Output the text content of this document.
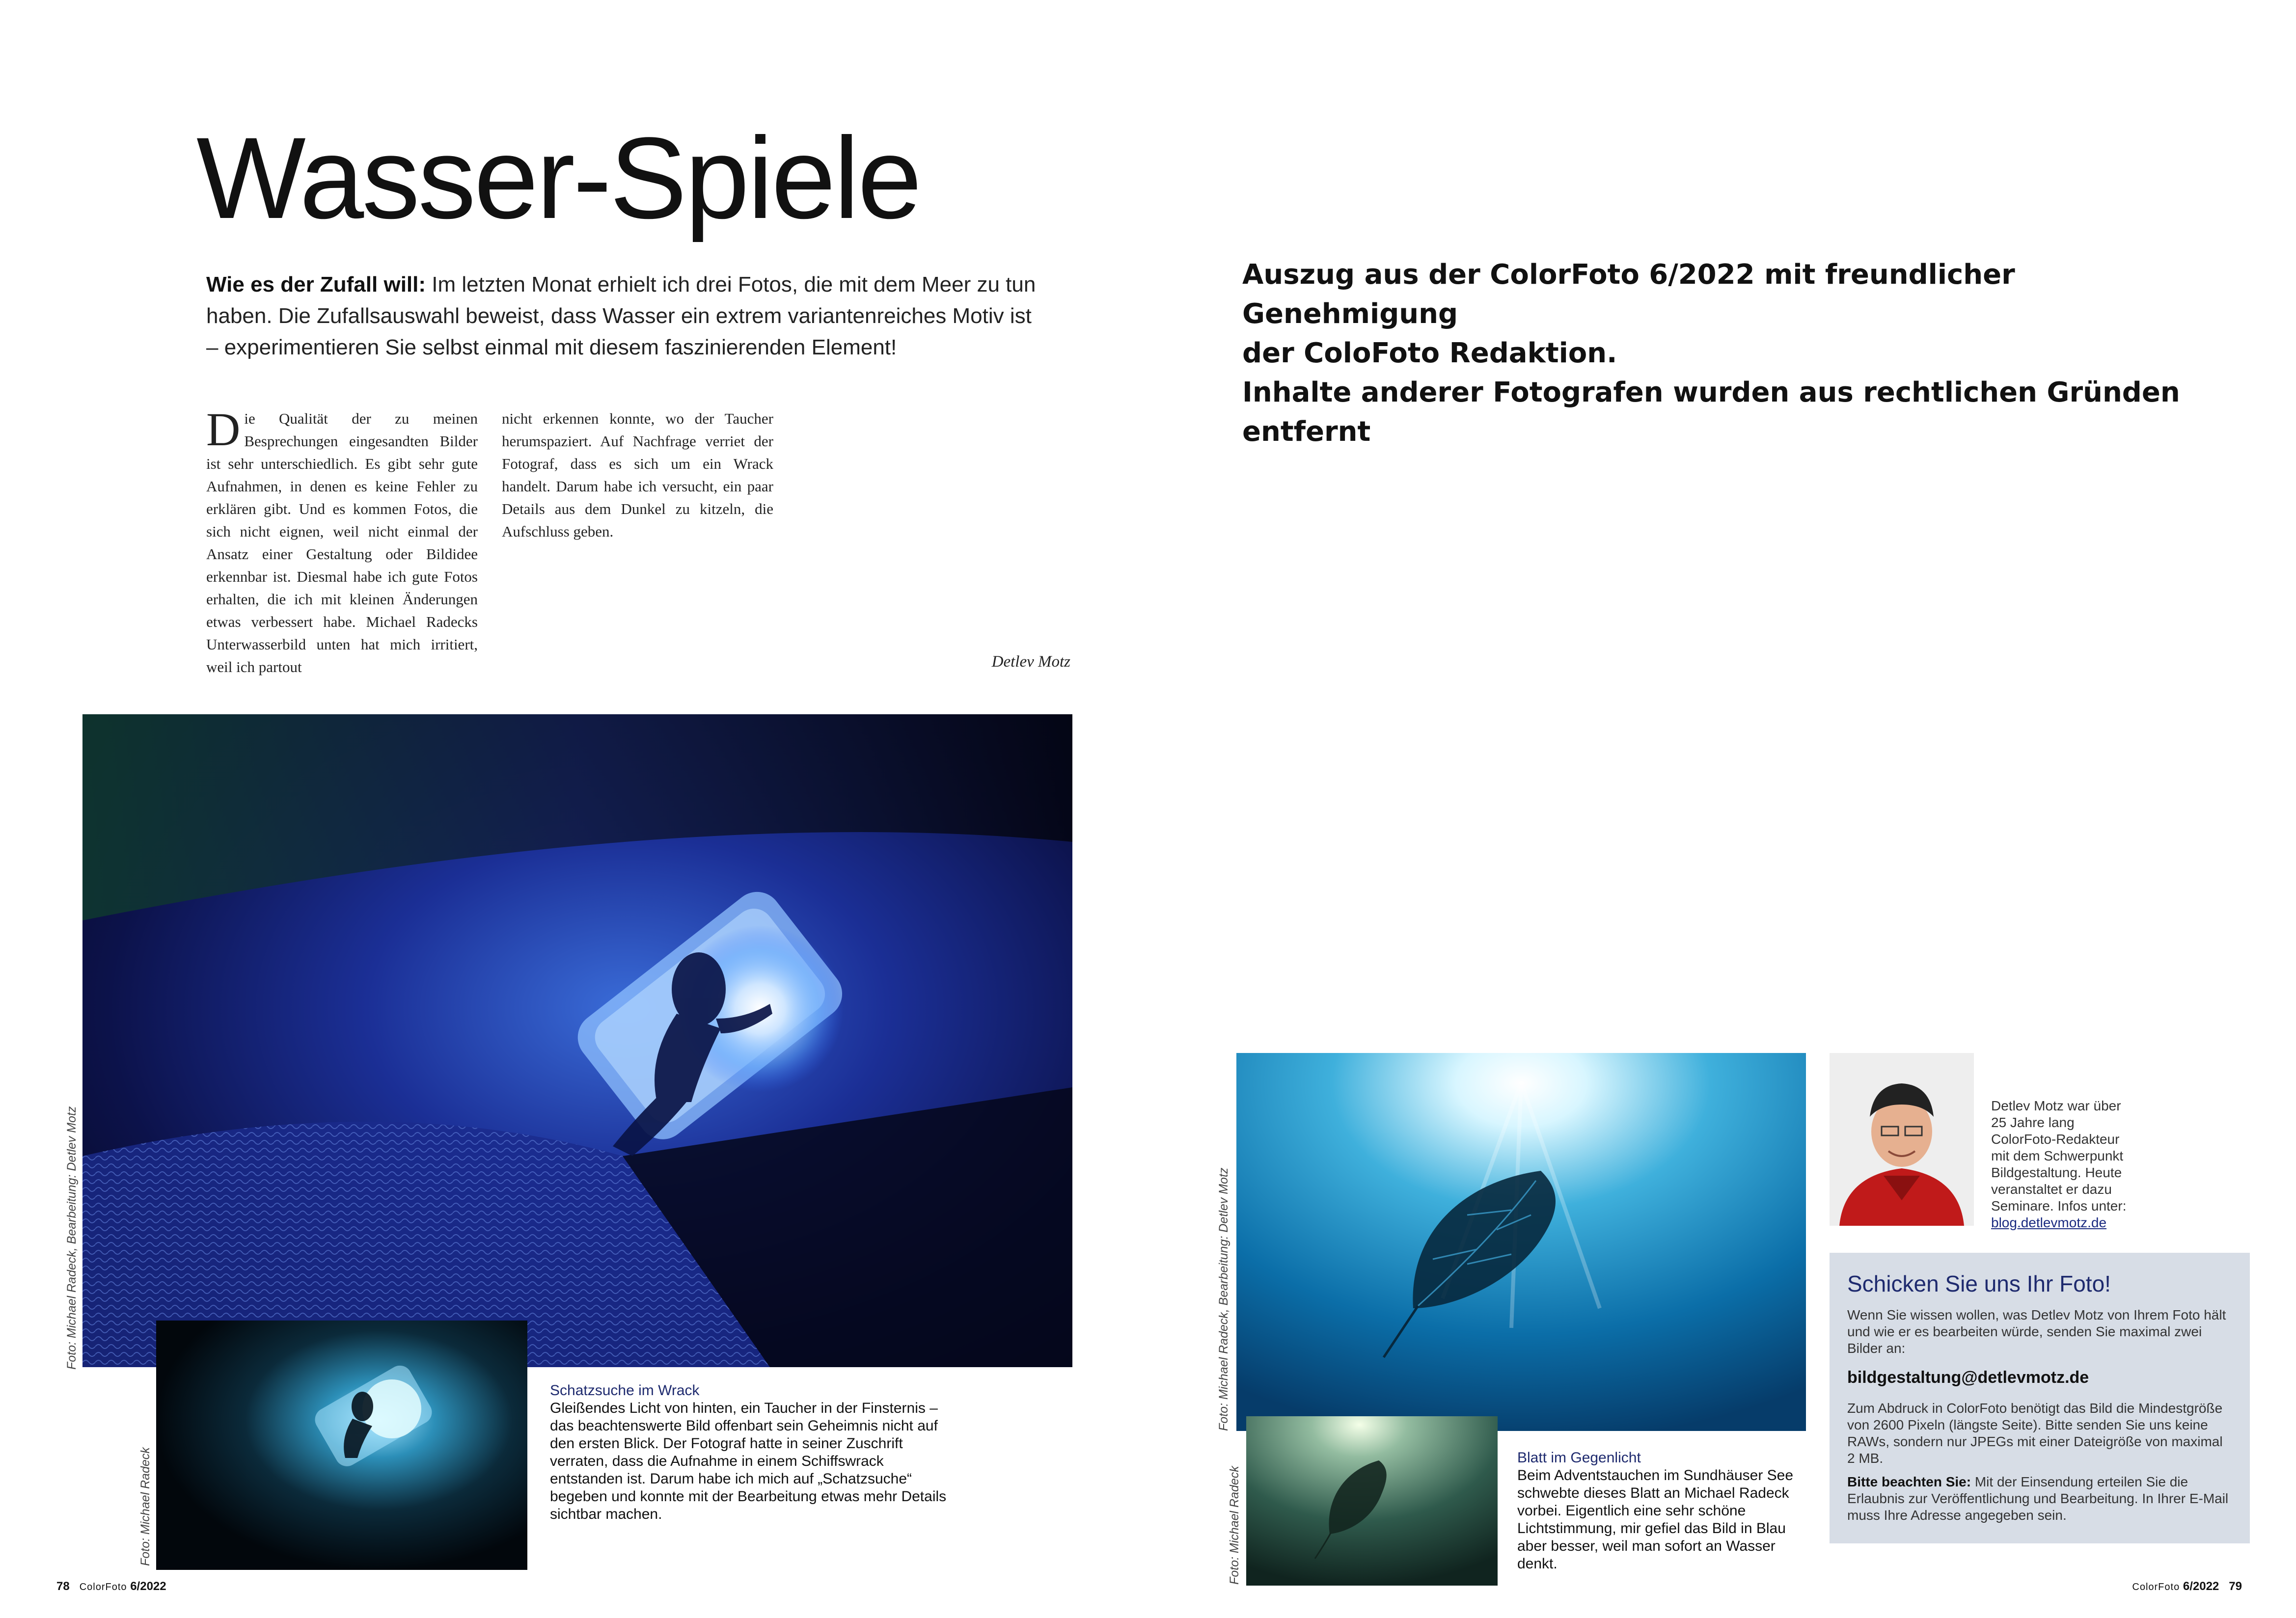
Wasser-Spiele
Wie es der Zufall will: Im letzten Monat erhielt ich drei Fotos, die mit dem Meer zu tun haben. Die Zufallsauswahl beweist, dass Wasser ein extrem variantenreiches Motiv ist – experimentieren Sie selbst einmal mit diesem faszinierenden Element!
Die Qualität der zu meinen Besprechungen eingesandten Bilder ist sehr unterschiedlich. Es gibt sehr gute Aufnahmen, in denen es keine Fehler zu erklären gibt. Und es kommen Fotos, die sich nicht eignen, weil nicht einmal der Ansatz einer Gestaltung oder Bildidee erkennbar ist. Diesmal habe ich gute Fotos erhalten, die ich mit kleinen Änderungen etwas verbessert habe. Michael Radecks Unterwasserbild unten hat mich irritiert, weil ich partout
nicht erkennen konnte, wo der Taucher herumspaziert. Auf Nachfrage verriet der Fotograf, dass es sich um ein Wrack handelt. Darum habe ich versucht, ein paar Details aus dem Dunkel zu kitzeln, die Aufschluss geben.
Detlev Motz
Foto: Michael Radeck, Bearbeitung: Detlev Motz
Foto: Michael Radeck
Schatzsuche im Wrack
Gleißendes Licht von hinten, ein Taucher in der Finsternis – das beachtenswerte Bild offenbart sein Geheimnis nicht auf den ersten Blick. Der Fotograf hatte in seiner Zuschrift verraten, dass die Aufnahme in einem Schiffswrack entstanden ist. Darum habe ich mich auf „Schatzsuche“ begeben und konnte mit der Bearbeitung etwas mehr Details sichtbar machen.
78 ColorFoto 6/2022
Auszug aus der ColorFoto 6/2022 mit freundlicher Genehmigung
der ColoFoto Redaktion.
Inhalte anderer Fotografen wurden aus rechtlichen Gründen entfernt
Foto: Michael Radeck, Bearbeitung: Detlev Motz
Foto: Michael Radeck
Blatt im Gegenlicht
Beim Adventstauchen im Sundhäuser See schwebte dieses Blatt an Michael Radeck vorbei. Eigentlich eine sehr schöne Lichtstimmung, mir gefiel das Bild in Blau aber besser, weil man sofort an Wasser denkt.
Detlev Motz war über 25 Jahre lang ColorFoto-Redakteur mit dem Schwerpunkt Bildgestaltung. Heute veranstaltet er dazu Seminare. Infos unter:
blog.detlevmotz.de
Schicken Sie uns Ihr Foto!
Wenn Sie wissen wollen, was Detlev Motz von Ihrem Foto hält und wie er es bearbeiten würde, senden Sie maximal zwei Bilder an:
bildgestaltung@detlevmotz.de
Zum Abdruck in ColorFoto benötigt das Bild die Mindestgröße von 2600 Pixeln (längste Seite). Bitte senden Sie uns keine RAWs, sondern nur JPEGs mit einer Dateigröße von maximal 2 MB.
Bitte beachten Sie: Mit der Einsendung erteilen Sie die Erlaubnis zur Veröffentlichung und Bearbeitung. In Ihrer E-Mail muss Ihre Adresse angegeben sein.
ColorFoto 6/2022 79
